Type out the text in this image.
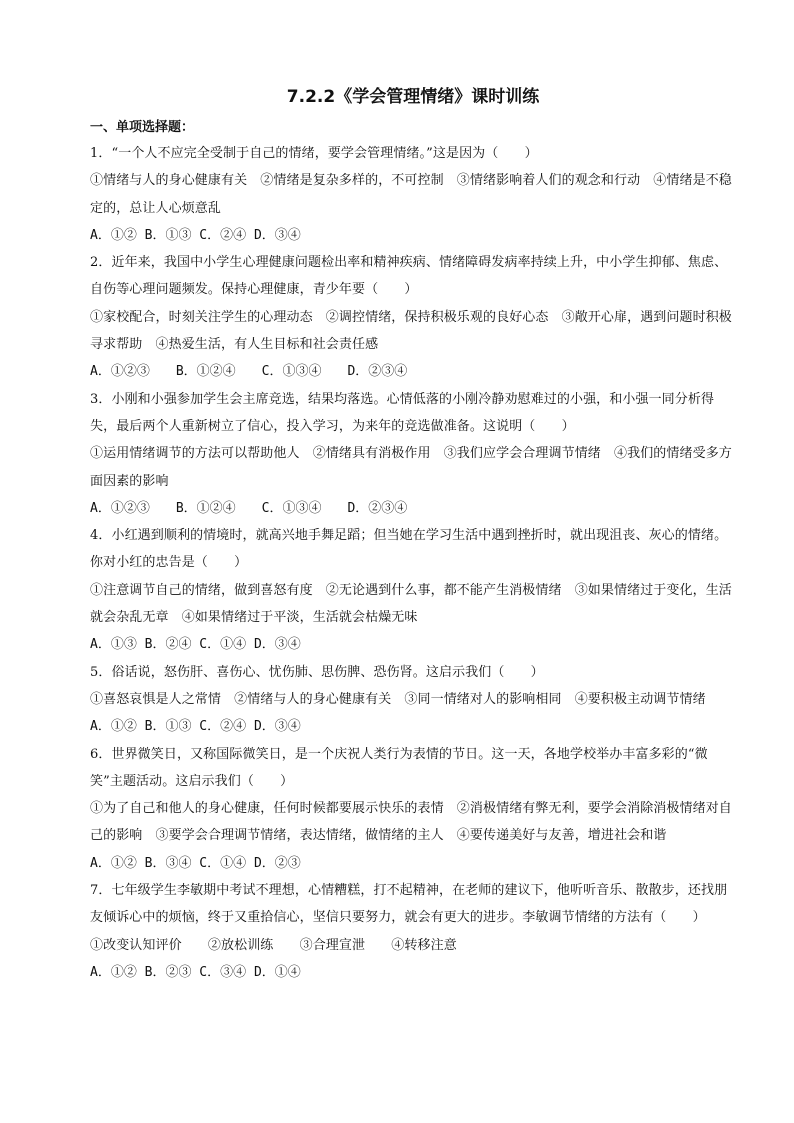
7.2.2《学会管理情绪》课时训练
一、单项选择题：

1．“一个人不应完全受制于自己的情绪，要学会管理情绪。”这是因为（　　）

①情绪与人的身心健康有关　②情绪是复杂多样的，不可控制　③情绪影响着人们的观念和行动　④情绪是不稳定的，总让人心烦意乱

A．①② B．①③ C．②④ D．③④

2．近年来，我国中小学生心理健康问题检出率和精神疾病、情绪障碍发病率持续上升，中小学生抑郁、焦虑、自伤等心理问题频发。保持心理健康，青少年要（　　）

①家校配合，时刻关注学生的心理动态　②调控情绪，保持积极乐观的良好心态　③敞开心扉，遇到问题时积极寻求帮助　④热爱生活，有人生目标和社会责任感

A．①②③　　B．①②④　　C．①③④　　D．②③④

3．小刚和小强参加学生会主席竞选，结果均落选。心情低落的小刚冷静劝慰难过的小强，和小强一同分析得失，最后两个人重新树立了信心，投入学习，为来年的竞选做准备。这说明（　　）

①运用情绪调节的方法可以帮助他人　②情绪具有消极作用　③我们应学会合理调节情绪　④我们的情绪受多方面因素的影响

A．①②③　　B．①②④　　C．①③④　　D．②③④

4．小红遇到顺利的情境时，就高兴地手舞足蹈；但当她在学习生活中遇到挫折时，就出现沮丧、灰心的情绪。你对小红的忠告是（　　）

①注意调节自己的情绪，做到喜怒有度　②无论遇到什么事，都不能产生消极情绪　③如果情绪过于变化，生活就会杂乱无章　④如果情绪过于平淡，生活就会枯燥无味

A．①③ B．②④ C．①④ D．③④

5．俗话说，怒伤肝、喜伤心、忧伤肺、思伤脾、恐伤肾。这启示我们（　　）

①喜怒哀惧是人之常情　②情绪与人的身心健康有关　③同一情绪对人的影响相同　④要积极主动调节情绪

A．①② B．①③ C．②④ D．③④

6．世界微笑日，又称国际微笑日，是一个庆祝人类行为表情的节日。这一天，各地学校举办丰富多彩的“微笑”主题活动。这启示我们（　　）

①为了自己和他人的身心健康，任何时候都要展示快乐的表情　②消极情绪有弊无利，要学会消除消极情绪对自己的影响　③要学会合理调节情绪，表达情绪，做情绪的主人　④要传递美好与友善，增进社会和谐

A．①② B．③④ C．①④ D．②③

7．七年级学生李敏期中考试不理想，心情糟糕，打不起精神，在老师的建议下，他听听音乐、散散步，还找朋友倾诉心中的烦恼，终于又重拾信心，坚信只要努力，就会有更大的进步。李敏调节情绪的方法有（　　）

①改变认知评价　　②放松训练　　③合理宣泄　　④转移注意

A．①② B．②③ C．③④ D．①④
